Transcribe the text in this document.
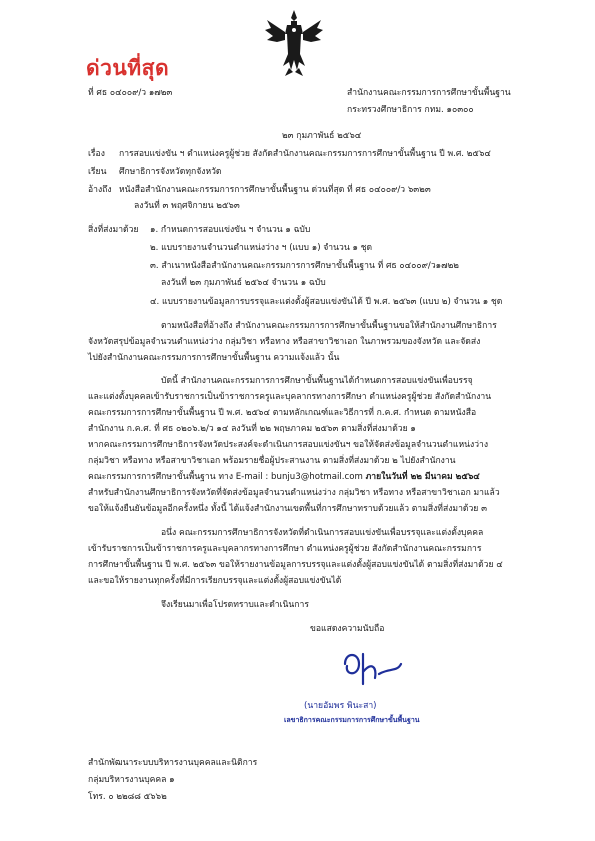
ด่วนที่สุด
ที่ ศธ ๐๔๐๐๙/ว ๑๗๒๓	สำนักงานคณะกรรมการการศึกษาขั้นพื้นฐาน
กระทรวงศึกษาธิการ กทม. ๑๐๓๐๐
๒๓ กุมภาพันธ์ ๒๕๖๔
เรื่อง การสอบแข่งขัน ฯ ตำแหน่งครูผู้ช่วย สังกัดสำนักงานคณะกรรมการการศึกษาขั้นพื้นฐาน ปี พ.ศ. ๒๕๖๔
เรียน ศึกษาธิการจังหวัดทุกจังหวัด
อ้างถึง หนังสือสำนักงานคณะกรรมการการศึกษาขั้นพื้นฐาน ด่วนที่สุด ที่ ศธ ๐๔๐๐๙/ว ๖๓๒๓
ลงวันที่ ๓ พฤศจิกายน ๒๕๖๓
สิ่งที่ส่งมาด้วย ๑. กำหนดการสอบแข่งขัน ฯ จำนวน ๑ ฉบับ
๒. แบบรายงานจำนวนตำแหน่งว่าง ฯ (แบบ ๑) จำนวน ๑ ชุด
๓. สำเนาหนังสือสำนักงานคณะกรรมการการศึกษาขั้นพื้นฐาน ที่ ศธ ๐๔๐๐๙/ว๑๗๒๒
ลงวันที่ ๒๓ กุมภาพันธ์ ๒๕๖๔ จำนวน ๑ ฉบับ
๔. แบบรายงานข้อมูลการบรรจุและแต่งตั้งผู้สอบแข่งขันได้ ปี พ.ศ. ๒๕๖๓ (แบบ ๒) จำนวน ๑ ชุด
ตามหนังสือที่อ้างถึง สำนักงานคณะกรรมการการศึกษาขั้นพื้นฐานขอให้สำนักงานศึกษาธิการ
จังหวัดสรุปข้อมูลจำนวนตำแหน่งว่าง กลุ่มวิชา หรือทาง หรือสาขาวิชาเอก ในภาพรวมของจังหวัด และจัดส่ง
ไปยังสำนักงานคณะกรรมการการศึกษาขั้นพื้นฐาน ความแจ้งแล้ว นั้น
บัดนี้ สำนักงานคณะกรรมการการศึกษาขั้นพื้นฐานได้กำหนดการสอบแข่งขันเพื่อบรรจุ
และแต่งตั้งบุคคลเข้ารับราชการเป็นข้าราชการครูและบุคลากรทางการศึกษา ตำแหน่งครูผู้ช่วย สังกัดสำนักงาน
คณะกรรมการการศึกษาขั้นพื้นฐาน ปี พ.ศ. ๒๕๖๔ ตามหลักเกณฑ์และวิธีการที่ ก.ค.ศ. กำหนด ตามหนังสือ
สำนักงาน ก.ค.ศ. ที่ ศธ ๐๒๐๖.๒/ว ๑๔ ลงวันที่ ๒๒ พฤษภาคม ๒๕๖๓ ตามสิ่งที่ส่งมาด้วย ๑
หากคณะกรรมการศึกษาธิการจังหวัดประสงค์จะดำเนินการสอบแข่งขันฯ ขอให้จัดส่งข้อมูลจำนวนตำแหน่งว่าง
กลุ่มวิชา หรือทาง หรือสาขาวิชาเอก พร้อมรายชื่อผู้ประสานงาน ตามสิ่งที่ส่งมาด้วย ๒ ไปยังสำนักงาน
คณะกรรมการการศึกษาขั้นพื้นฐาน ทาง E-mail : bunju3@hotmail.com ภายในวันที่ ๒๒ มีนาคม ๒๕๖๔
สำหรับสำนักงานศึกษาธิการจังหวัดที่จัดส่งข้อมูลจำนวนตำแหน่งว่าง กลุ่มวิชา หรือทาง หรือสาขาวิชาเอก มาแล้ว
ขอให้แจ้งยืนยันข้อมูลอีกครั้งหนึ่ง ทั้งนี้ ได้แจ้งสำนักงานเขตพื้นที่การศึกษาทราบด้วยแล้ว ตามสิ่งที่ส่งมาด้วย ๓
อนึ่ง คณะกรรมการศึกษาธิการจังหวัดที่ดำเนินการสอบแข่งขันเพื่อบรรจุและแต่งตั้งบุคคล
เข้ารับราชการเป็นข้าราชการครูและบุคลากรทางการศึกษา ตำแหน่งครูผู้ช่วย สังกัดสำนักงานคณะกรรมการ
การศึกษาขั้นพื้นฐาน ปี พ.ศ. ๒๕๖๓ ขอให้รายงานข้อมูลการบรรจุและแต่งตั้งผู้สอบแข่งขันได้ ตามสิ่งที่ส่งมาด้วย ๔
และขอให้รายงานทุกครั้งที่มีการเรียกบรรจุและแต่งตั้งผู้สอบแข่งขันได้
จึงเรียนมาเพื่อโปรดทราบและดำเนินการ
ขอแสดงความนับถือ
(นายอัมพร พินะสา)
เลขาธิการคณะกรรมการการศึกษาขั้นพื้นฐาน
สำนักพัฒนาระบบบริหารงานบุคคลและนิติการ
กลุ่มบริหารงานบุคคล ๑
โทร. ๐ ๒๒๘๘ ๕๖๖๒
